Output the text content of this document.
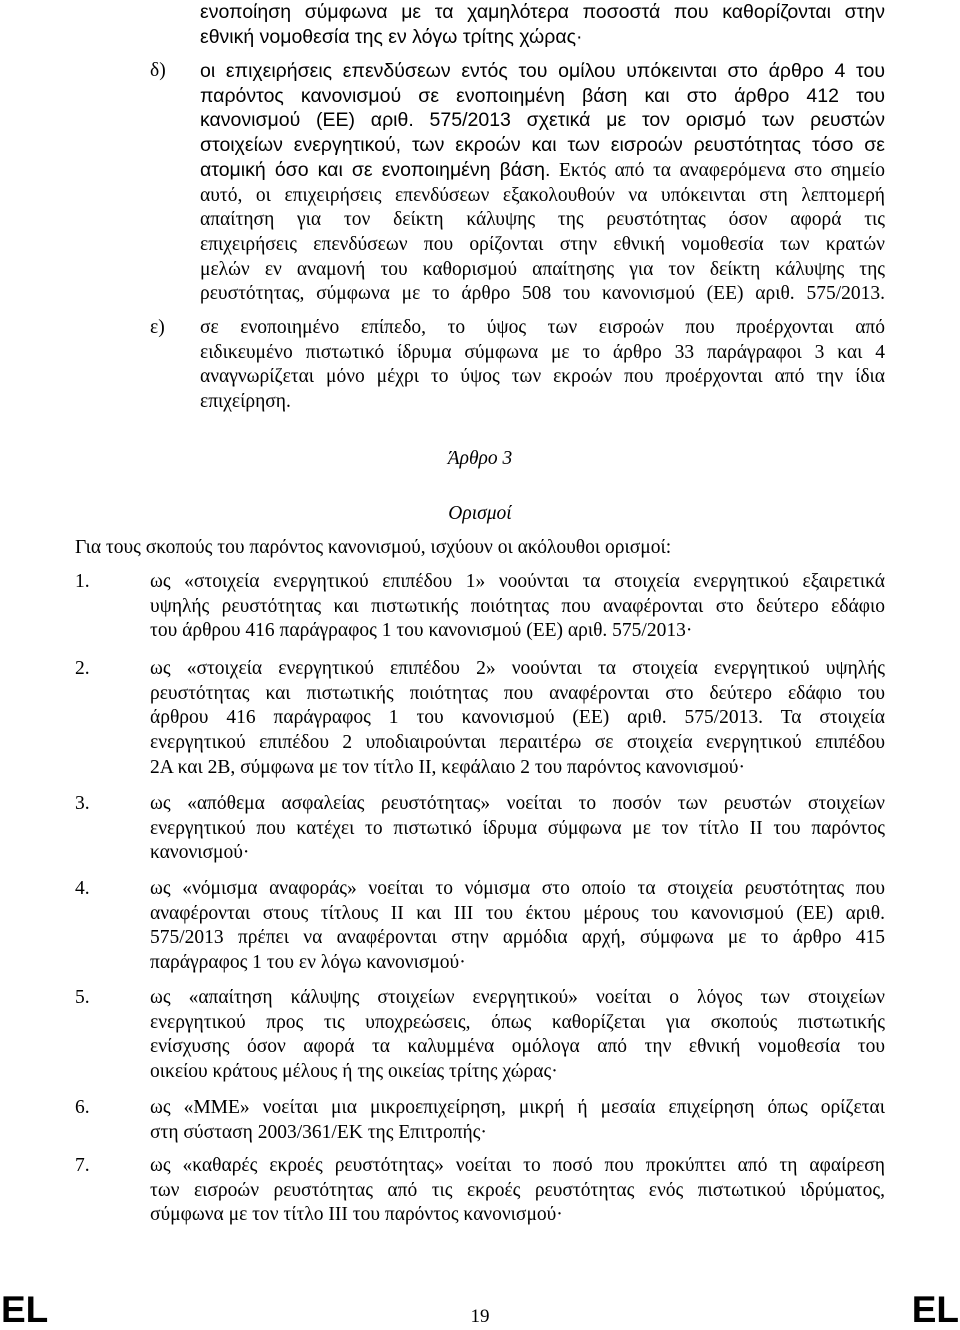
ενοποίηση σύμφωνα με τα χαμηλότερα ποσοστά που καθορίζονται στην
εθνική νομοθεσία της εν λόγω τρίτης χώρας·
δ) οι επιχειρήσεις επενδύσεων εντός του ομίλου υπόκεινται στο άρθρο 4 του
παρόντος κανονισμού σε ενοποιημένη βάση και στο άρθρο 412 του
κανονισμού (ΕΕ) αριθ. 575/2013 σχετικά με τον ορισμό των ρευστών
στοιχείων ενεργητικού, των εκροών και των εισροών ρευστότητας τόσο σε
ατομική όσο και σε ενοποιημένη βάση. Εκτός από τα αναφερόμενα στο σημείο
αυτό, οι επιχειρήσεις επενδύσεων εξακολουθούν να υπόκεινται στη λεπτομερή
απαίτηση για τον δείκτη κάλυψης της ρευστότητας όσον αφορά τις
επιχειρήσεις επενδύσεων που ορίζονται στην εθνική νομοθεσία των κρατών
μελών εν αναμονή του καθορισμού απαίτησης για τον δείκτη κάλυψης της
ρευστότητας, σύμφωνα με το άρθρο 508 του κανονισμού (ΕΕ) αριθ. 575/2013.
ε) σε ενοποιημένο επίπεδο, το ύψος των εισροών που προέρχονται από
ειδικευμένο πιστωτικό ίδρυμα σύμφωνα με το άρθρο 33 παράγραφοι 3 και 4
αναγνωρίζεται μόνο μέχρι το ύψος των εκροών που προέρχονται από την ίδια
επιχείρηση.
Άρθρο 3
Ορισμοί
Για τους σκοπούς του παρόντος κανονισμού, ισχύουν οι ακόλουθοι ορισμοί:
1.	ως «στοιχεία ενεργητικού επιπέδου 1» νοούνται τα στοιχεία ενεργητικού εξαιρετικά
υψηλής ρευστότητας και πιστωτικής ποιότητας που αναφέρονται στο δεύτερο εδάφιο
του άρθρου 416 παράγραφος 1 του κανονισμού (ΕΕ) αριθ. 575/2013·
2.	ως «στοιχεία ενεργητικού επιπέδου 2» νοούνται τα στοιχεία ενεργητικού υψηλής
ρευστότητας και πιστωτικής ποιότητας που αναφέρονται στο δεύτερο εδάφιο του
άρθρου 416 παράγραφος 1 του κανονισμού (ΕΕ) αριθ. 575/2013. Τα στοιχεία
ενεργητικού επιπέδου 2 υποδιαιρούνται περαιτέρω σε στοιχεία ενεργητικού επιπέδου
2Α και 2Β, σύμφωνα με τον τίτλο II, κεφάλαιο 2 του παρόντος κανονισμού·
3.	ως «απόθεμα ασφαλείας ρευστότητας» νοείται το ποσόν των ρευστών στοιχείων
ενεργητικού που κατέχει το πιστωτικό ίδρυμα σύμφωνα με τον τίτλο II του παρόντος
κανονισμού·
4.	ως «νόμισμα αναφοράς» νοείται το νόμισμα στο οποίο τα στοιχεία ρευστότητας που
αναφέρονται στους τίτλους II και III του έκτου μέρους του κανονισμού (ΕΕ) αριθ.
575/2013 πρέπει να αναφέρονται στην αρμόδια αρχή, σύμφωνα με το άρθρο 415
παράγραφος 1 του εν λόγω κανονισμού·
5.	ως «απαίτηση κάλυψης στοιχείων ενεργητικού» νοείται ο λόγος των στοιχείων
ενεργητικού προς τις υποχρεώσεις, όπως καθορίζεται για σκοπούς πιστωτικής
ενίσχυσης όσον αφορά τα καλυμμένα ομόλογα από την εθνική νομοθεσία του
οικείου κράτους μέλους ή της οικείας τρίτης χώρας·
6.	ως «ΜΜΕ» νοείται μια μικροεπιχείρηση, μικρή ή μεσαία επιχείρηση όπως ορίζεται
στη σύσταση 2003/361/ΕΚ της Επιτροπής·
7.	ως «καθαρές εκροές ρευστότητας» νοείται το ποσό που προκύπτει από τη αφαίρεση
των εισροών ρευστότητας από τις εκροές ρευστότητας ενός πιστωτικού ιδρύματος,
σύμφωνα με τον τίτλο III του παρόντος κανονισμού·
EL	19	EL
